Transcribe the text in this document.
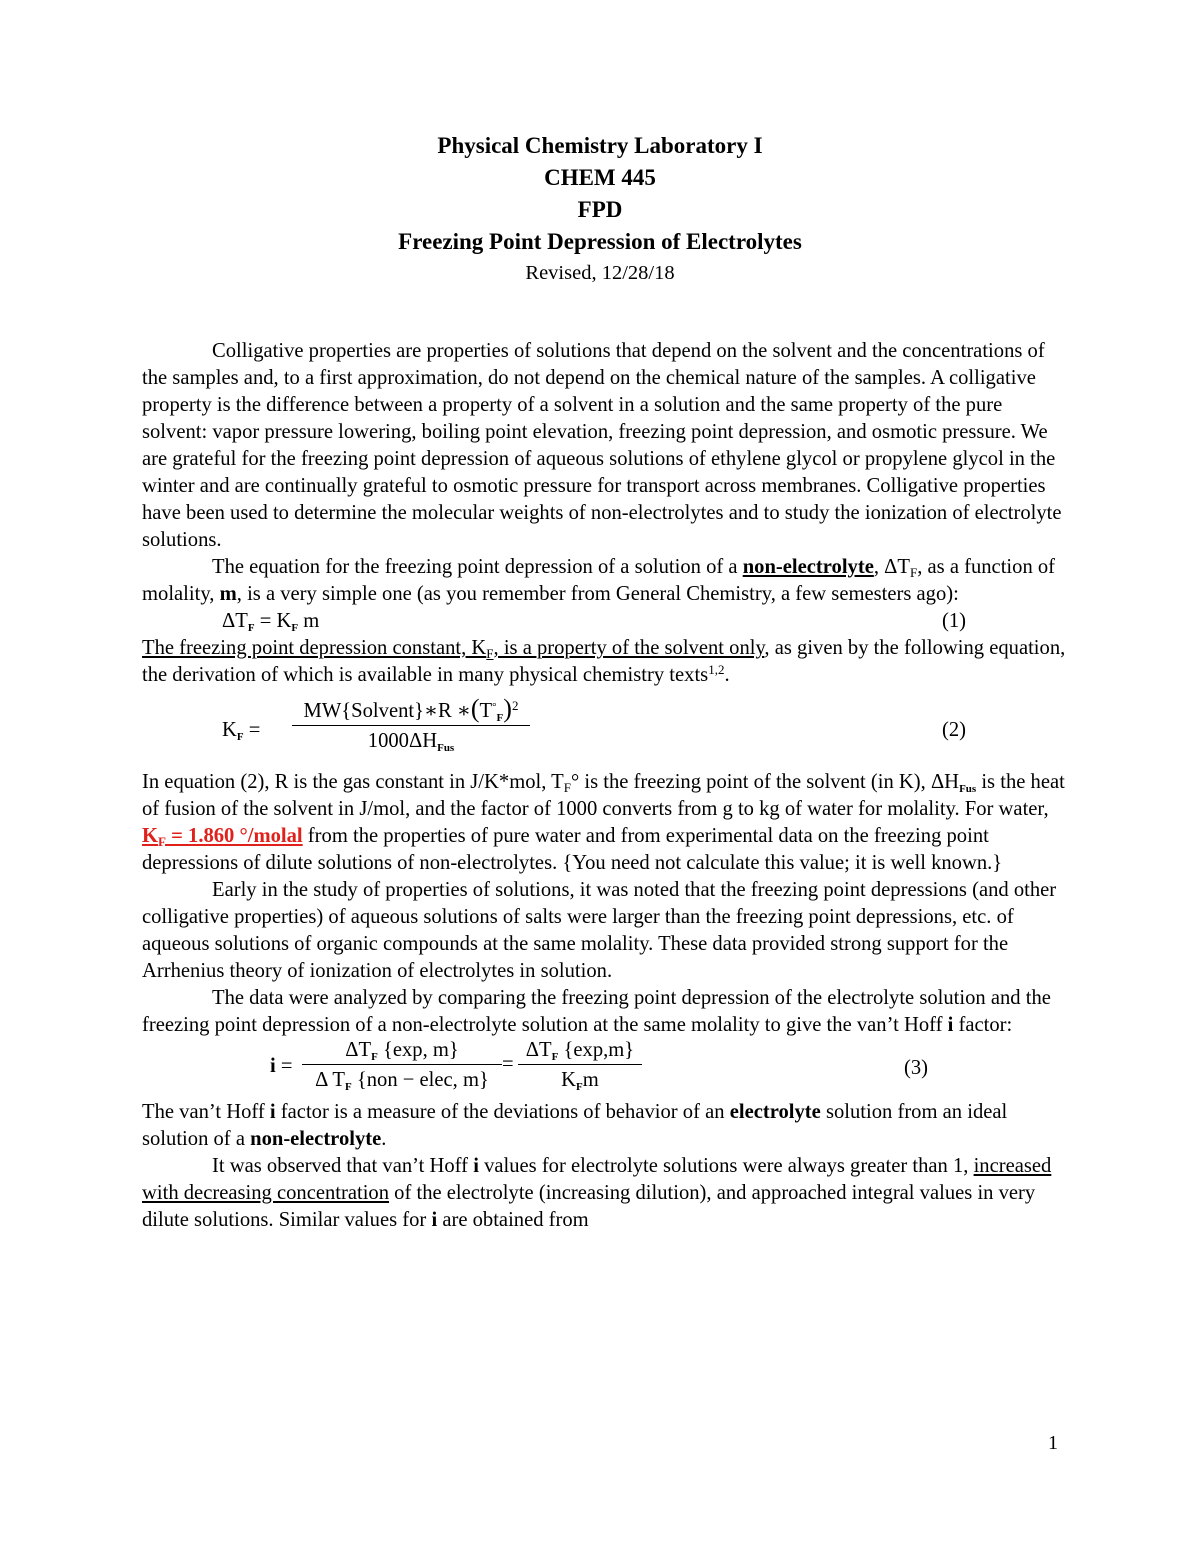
Physical Chemistry Laboratory I
CHEM 445
FPD
Freezing Point Depression of Electrolytes
Revised, 12/28/18

Colligative properties are properties of solutions that depend on the solvent and the concentrations of the samples and, to a first approximation, do not depend on the chemical nature of the samples. A colligative property is the difference between a property of a solvent in a solution and the same property of the pure solvent: vapor pressure lowering, boiling point elevation, freezing point depression, and osmotic pressure. We are grateful for the freezing point depression of aqueous solutions of ethylene glycol or propylene glycol in the winter and are continually grateful to osmotic pressure for transport across membranes. Colligative properties have been used to determine the molecular weights of non-electrolytes and to study the ionization of electrolyte solutions.

The equation for the freezing point depression of a solution of a non-electrolyte, $\Delta T_F$, as a function of molality, m, is a very simple one (as you remember from General Chemistry, a few semesters ago):

$\Delta T_F = K_F$ m	(1)

The freezing point depression constant, $K_F$, is a property of the solvent only, as given by the following equation, the derivation of which is available in many physical chemistry texts$^{1,2}$.

$K_F$ =
MW{Solvent}∗R $∗(T^\circ_F)^2$
$1000\Delta H_{Fus}$
(2)

In equation (2), R is the gas constant in J/K*mol, $T_F^\circ$ is the freezing point of the solvent (in K), $\Delta H_{Fus}$ is the heat of fusion of the solvent in J/mol, and the factor of 1000 converts from g to kg of water for molality. For water, $K_F = 1.860$ °/molal from the properties of pure water and from experimental data on the freezing point depressions of dilute solutions of non-electrolytes. {You need not calculate this value; it is well known.}

Early in the study of properties of solutions, it was noted that the freezing point depressions (and other colligative properties) of aqueous solutions of salts were larger than the freezing point depressions, etc. of aqueous solutions of organic compounds at the same molality. These data provided strong support for the Arrhenius theory of ionization of electrolytes in solution.

The data were analyzed by comparing the freezing point depression of the electrolyte solution and the freezing point depression of a non-electrolyte solution at the same molality to give the van’t Hoff i factor:

i =
$\Delta T_F$ {exp, m}
Δ $T_F$ {non − elec, m}
=
$\Delta T_F$ {exp,m}
$K_Fm$
(3)

The van’t Hoff i factor is a measure of the deviations of behavior of an electrolyte solution from an ideal solution of a non-electrolyte.

It was observed that van’t Hoff i values for electrolyte solutions were always greater than 1, increased with decreasing concentration of the electrolyte (increasing dilution), and approached integral values in very dilute solutions. Similar values for i are obtained from

1
